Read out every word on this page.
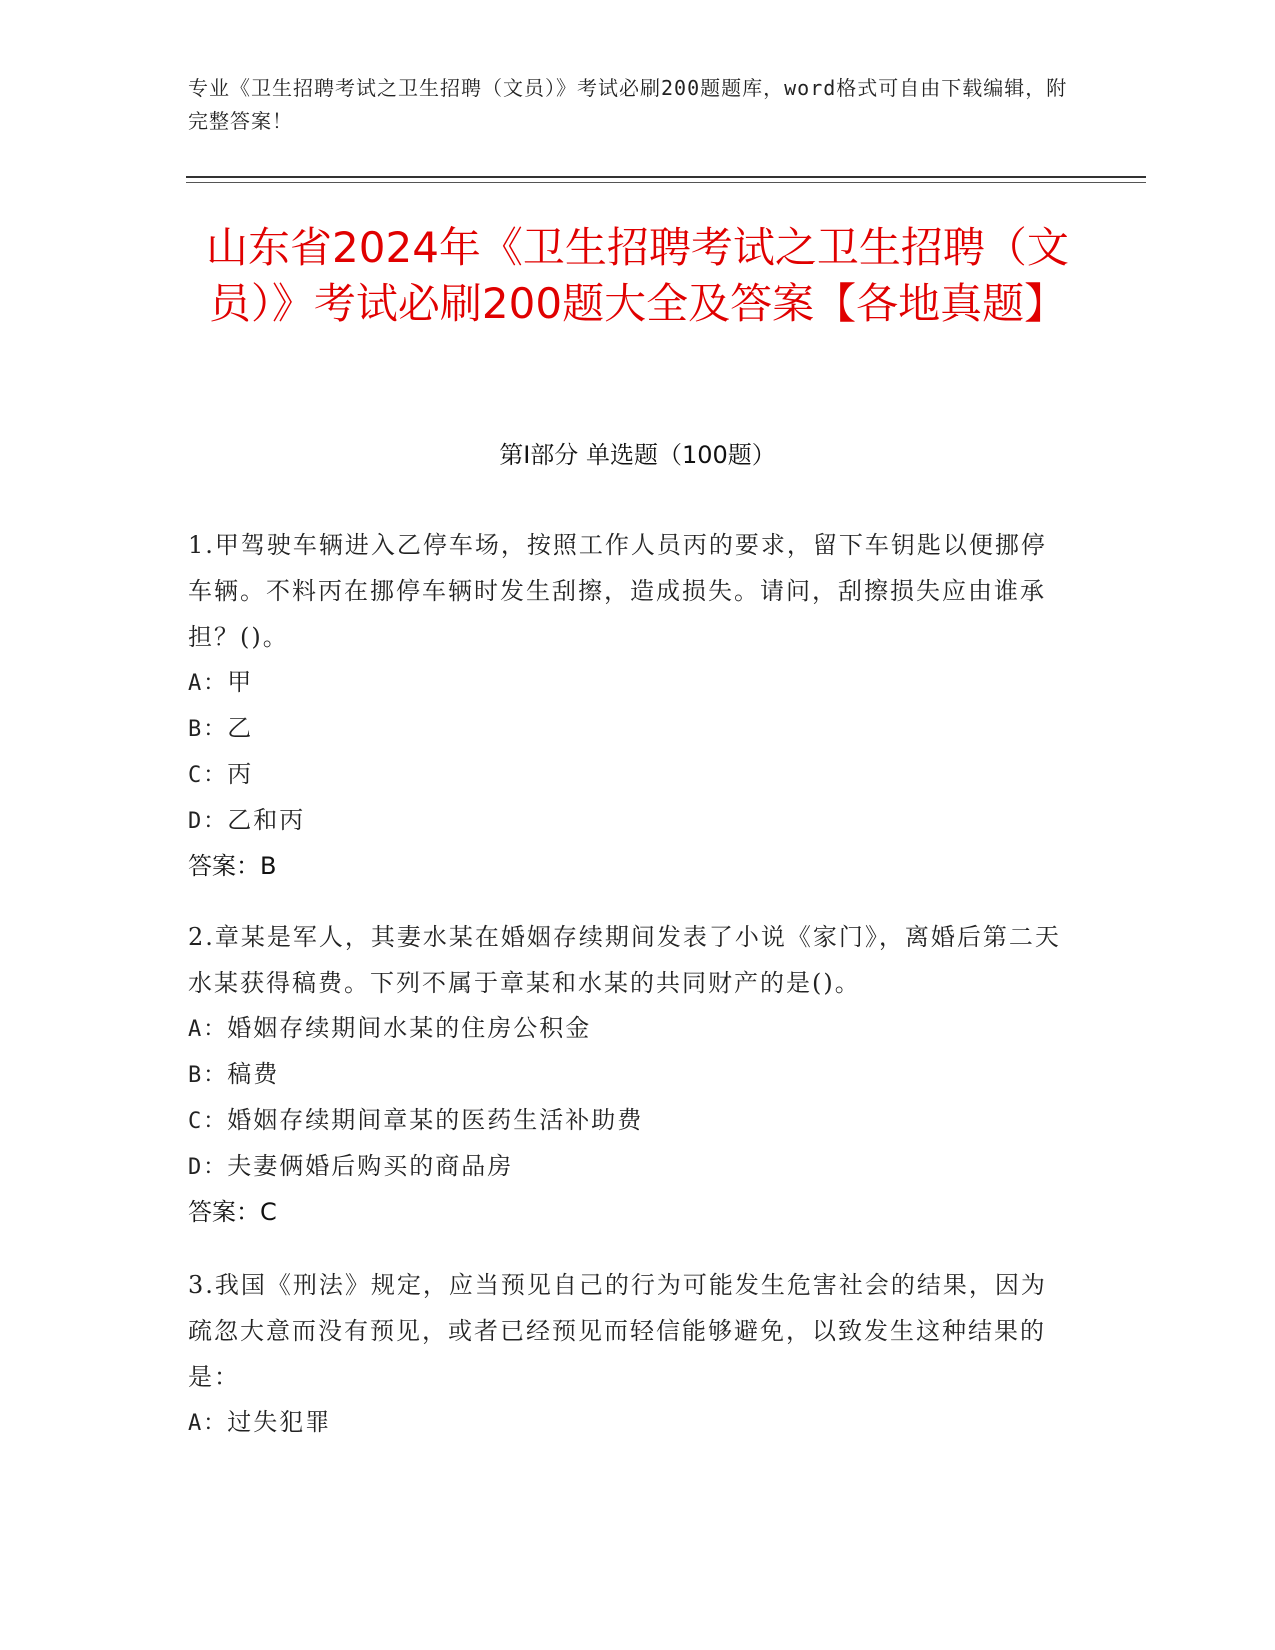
专业《卫生招聘考试之卫生招聘（文员）》考试必刷200题题库，word格式可自由下载编辑，附完整答案！
山东省2024年《卫生招聘考试之卫生招聘（文员）》考试必刷200题大全及答案【各地真题】
第Ⅰ部分 单选题（100题）

1.甲驾驶车辆进入乙停车场，按照工作人员丙的要求，留下车钥匙以便挪停车辆。不料丙在挪停车辆时发生刮擦，造成损失。请问，刮擦损失应由谁承担？()。

A：甲

B：乙

C：丙

D：乙和丙

答案：B

2.章某是军人，其妻水某在婚姻存续期间发表了小说《家门》，离婚后第二天水某获得稿费。下列不属于章某和水某的共同财产的是()。

A：婚姻存续期间水某的住房公积金

B：稿费

C：婚姻存续期间章某的医药生活补助费

D：夫妻俩婚后购买的商品房

答案：C

3.我国《刑法》规定，应当预见自己的行为可能发生危害社会的结果，因为疏忽大意而没有预见，或者已经预见而轻信能够避免，以致发生这种结果的是：

A：过失犯罪
